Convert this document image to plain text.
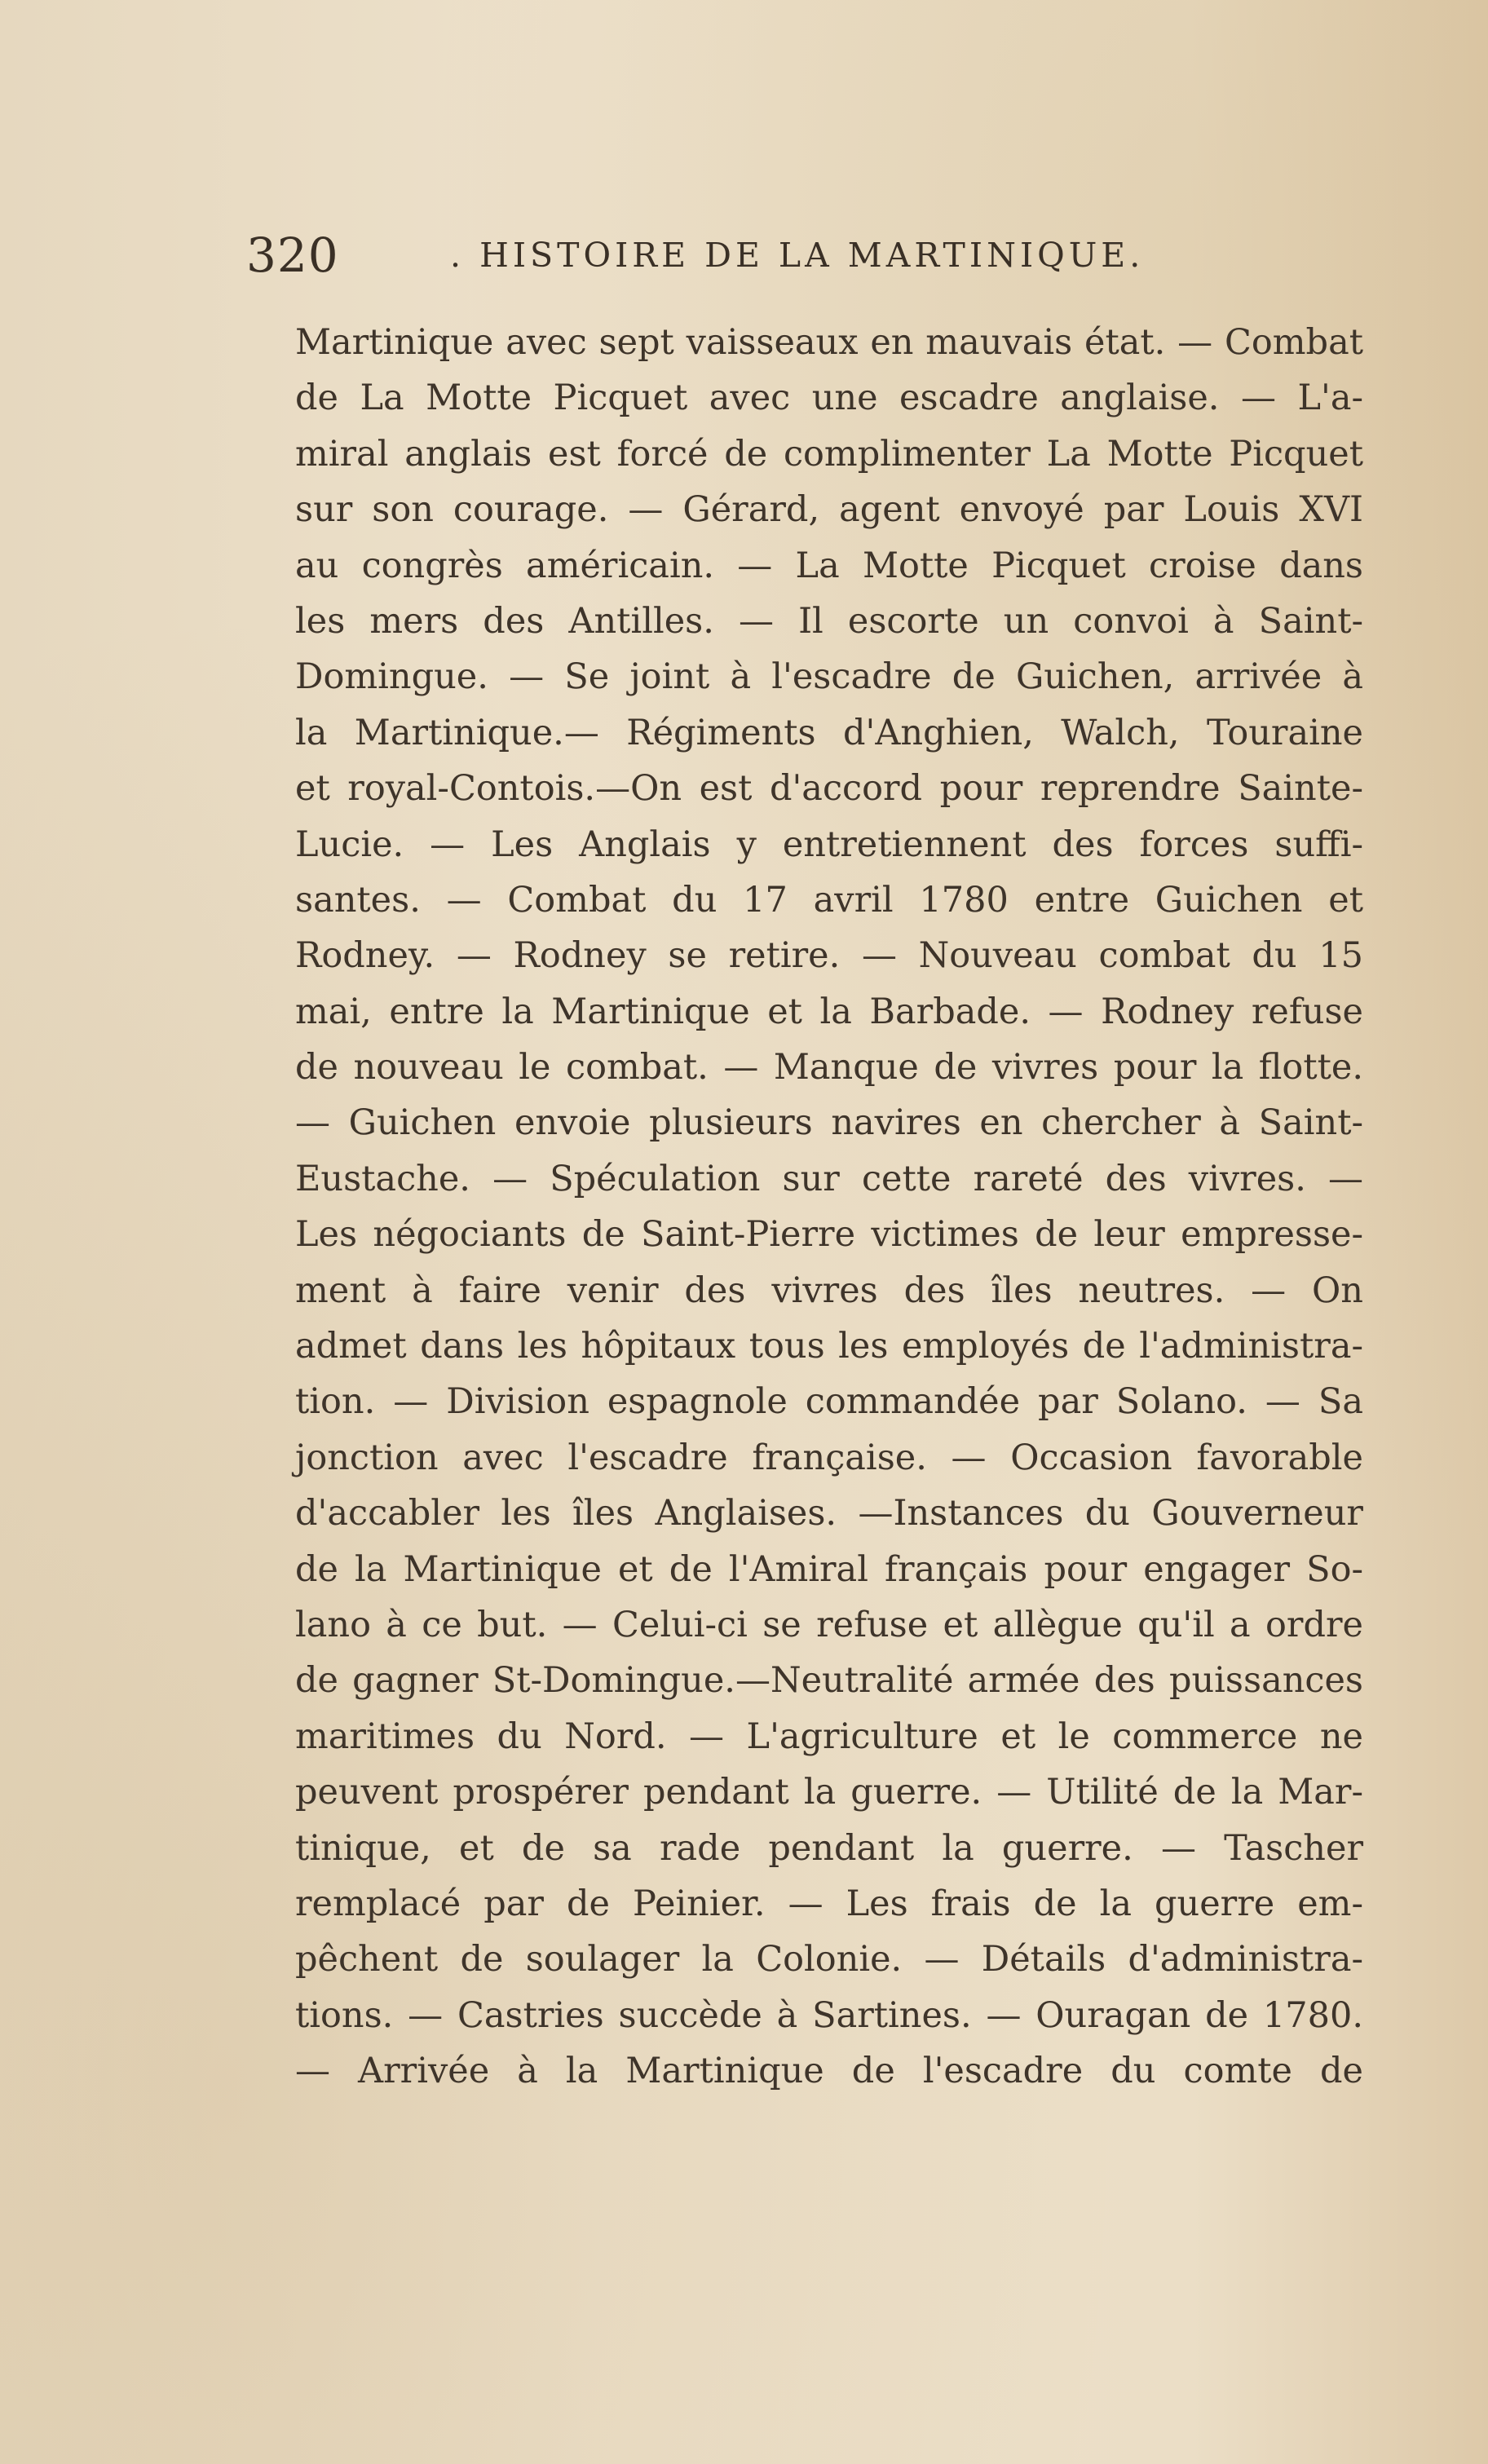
320	. HISTOIRE DE LA MARTINIQUE.
Martinique avec sept vaisseaux en mauvais état. — Combat
de La Motte Picquet avec une escadre anglaise. — L'a-
miral anglais est forcé de complimenter La Motte Picquet
sur son courage. — Gérard, agent envoyé par Louis XVI
au congrès américain. — La Motte Picquet croise dans
les mers des Antilles. — Il escorte un convoi à Saint-
Domingue. — Se joint à l'escadre de Guichen, arrivée à
la Martinique.— Régiments d'Anghien, Walch, Touraine
et royal-Contois.—On est d'accord pour reprendre Sainte-
Lucie. — Les Anglais y entretiennent des forces suffi-
santes. — Combat du 17 avril 1780 entre Guichen et
Rodney. — Rodney se retire. — Nouveau combat du 15
mai, entre la Martinique et la Barbade. — Rodney refuse
de nouveau le combat. — Manque de vivres pour la flotte.
— Guichen envoie plusieurs navires en chercher à Saint-
Eustache. — Spéculation sur cette rareté des vivres. —
Les négociants de Saint-Pierre victimes de leur empresse-
ment à faire venir des vivres des îles neutres. — On
admet dans les hôpitaux tous les employés de l'administra-
tion. — Division espagnole commandée par Solano. — Sa
jonction avec l'escadre française. — Occasion favorable
d'accabler les îles Anglaises. —Instances du Gouverneur
de la Martinique et de l'Amiral français pour engager So-
lano à ce but. — Celui-ci se refuse et allègue qu'il a ordre
de gagner St-Domingue.—Neutralité armée des puissances
maritimes du Nord. — L'agriculture et le commerce ne
peuvent prospérer pendant la guerre. — Utilité de la Mar-
tinique, et de sa rade pendant la guerre. — Tascher
remplacé par de Peinier. — Les frais de la guerre em-
pêchent de soulager la Colonie. — Détails d'administra-
tions. — Castries succède à Sartines. — Ouragan de 1780.
— Arrivée à la Martinique de l'escadre du comte de
